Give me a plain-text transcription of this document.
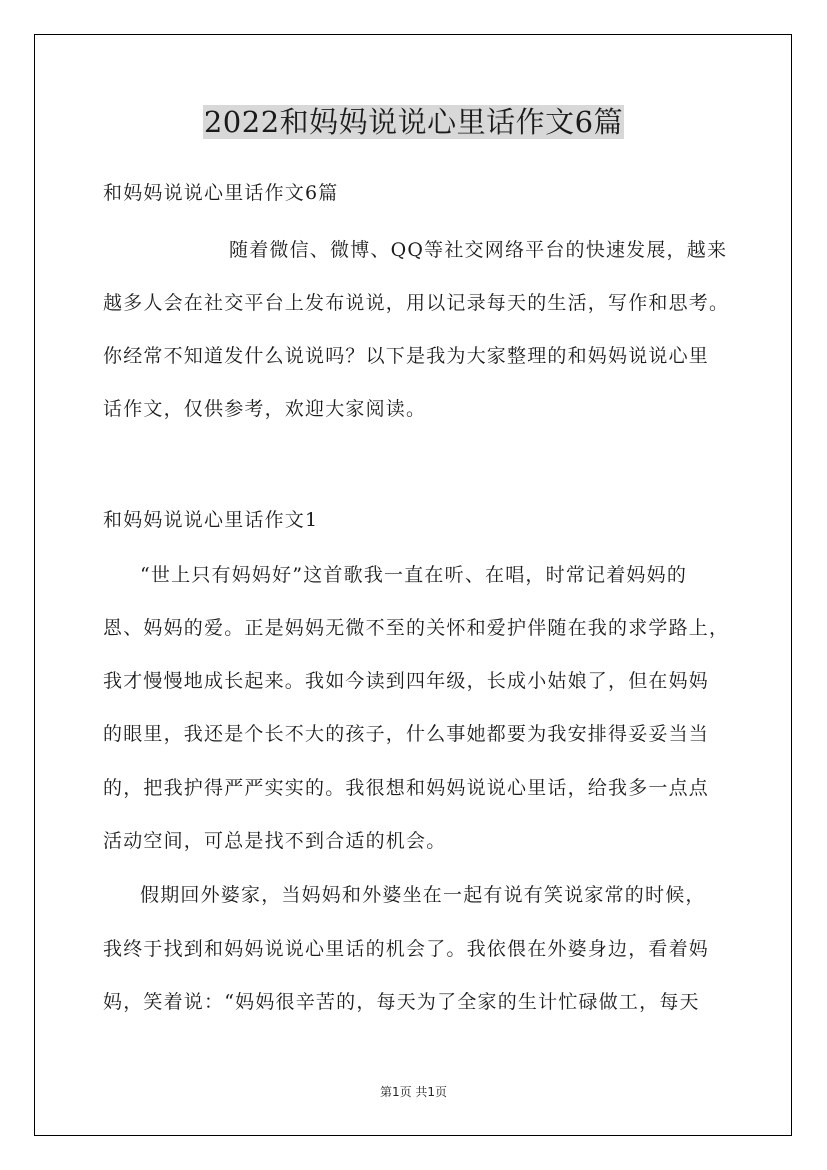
2022和妈妈说说心里话作文6篇
和妈妈说说心里话作文6篇
随着微信、微博、QQ等社交网络平台的快速发展，越来
越多人会在社交平台上发布说说，用以记录每天的生活，写作和思考。
你经常不知道发什么说说吗？以下是我为大家整理的和妈妈说说心里
话作文，仅供参考，欢迎大家阅读。
和妈妈说说心里话作文1
“世上只有妈妈好”这首歌我一直在听、在唱，时常记着妈妈的
恩、妈妈的爱。正是妈妈无微不至的关怀和爱护伴随在我的求学路上，
我才慢慢地成长起来。我如今读到四年级，长成小姑娘了，但在妈妈
的眼里，我还是个长不大的孩子，什么事她都要为我安排得妥妥当当
的，把我护得严严实实的。我很想和妈妈说说心里话，给我多一点点
活动空间，可总是找不到合适的机会。
假期回外婆家，当妈妈和外婆坐在一起有说有笑说家常的时候，
我终于找到和妈妈说说心里话的机会了。我依偎在外婆身边，看着妈
妈，笑着说：“妈妈很辛苦的，每天为了全家的生计忙碌做工，每天
第1页 共1页
